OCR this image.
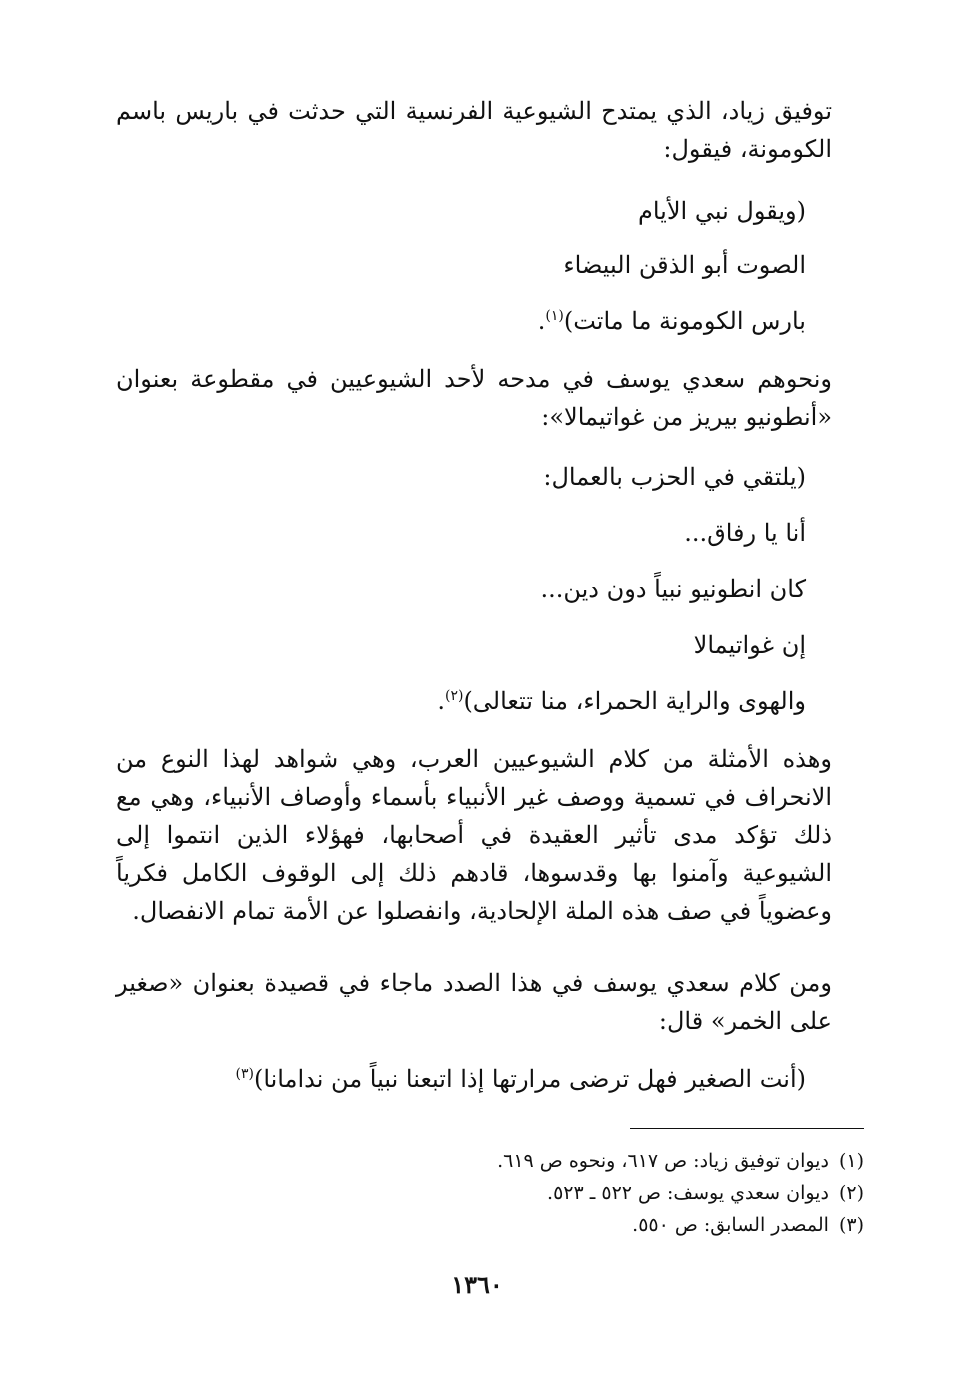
توفيق زياد، الذي يمتدح الشيوعية الفرنسية التي حدثت في باريس باسم الكومونة، فيقول:

(ويقول نبي الأيام
الصوت أبو الذقن البيضاء
بارس الكومونة ما ماتت)$^{(١)}$.

ونحوهم سعدي يوسف في مدحه لأحد الشيوعيين في مقطوعة بعنوان «أنطونيو بيريز من غواتيمالا»:

(يلتقي في الحزب بالعمال:
أنا يا رفاق...
كان انطونيو نبياً دون دين...
إن غواتيمالا
والهوى والراية الحمراء، منا تتعالى)$^{(٢)}$.

وهذه الأمثلة من كلام الشيوعيين العرب، وهي شواهد لهذا النوع من الانحراف في تسمية ووصف غير الأنبياء بأسماء وأوصاف الأنبياء، وهي مع ذلك تؤكد مدى تأثير العقيدة في أصحابها، فهؤلاء الذين انتموا إلى الشيوعية وآمنوا بها وقدسوها، قادهم ذلك إلى الوقوف الكامل فكرياً وعضوياً في صف هذه الملة الإلحادية، وانفصلوا عن الأمة تمام الانفصال.

ومن كلام سعدي يوسف في هذا الصدد ماجاء في قصيدة بعنوان «صغير على الخمر» قال:

(أنت الصغير فهل ترضى مرارتها إذا اتبعنا نبياً من ندامانا)$^{(٣)}$
(١)ديوان توفيق زياد: ص ٦١٧، ونحوه ص ٦١٩.
(٢)ديوان سعدي يوسف: ص ٥٢٢ ـ ٥٢٣.
(٣)المصدر السابق: ص ٥٥٠.
١٣٦٠
